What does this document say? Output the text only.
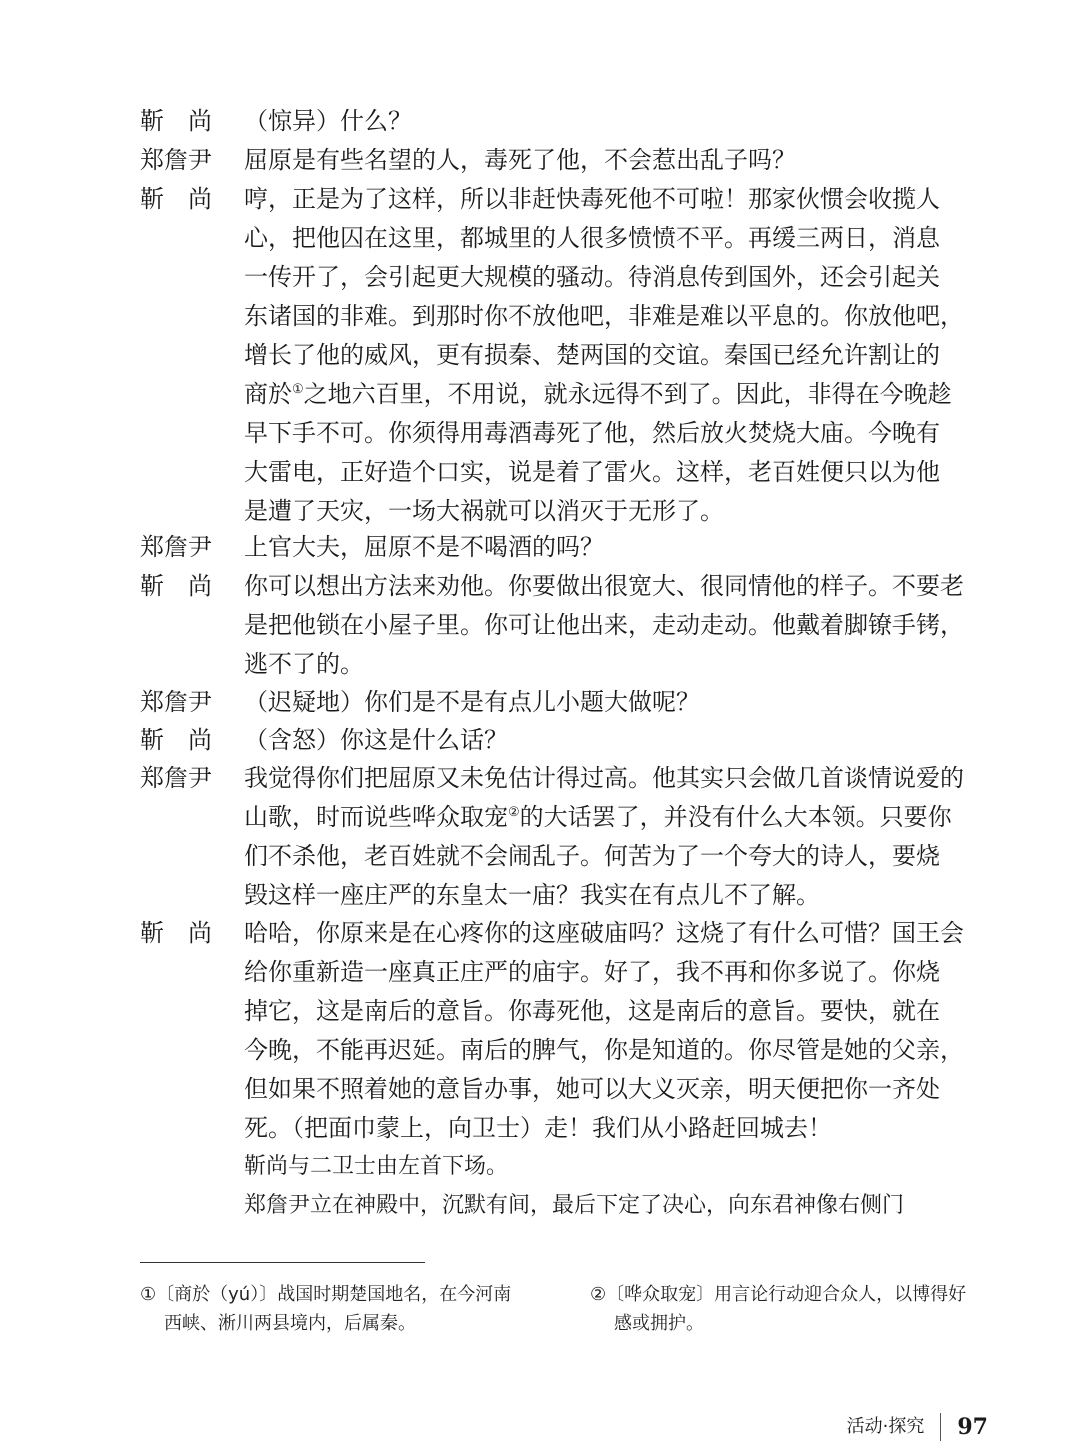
靳　尚	（惊异）什么？
郑詹尹	屈原是有些名望的人，毒死了他，不会惹出乱子吗？
靳　尚	哼，正是为了这样，所以非赶快毒死他不可啦！那家伙惯会收揽人
心，把他囚在这里，都城里的人很多愤愤不平。再缓三两日，消息
一传开了，会引起更大规模的骚动。待消息传到国外，还会引起关
东诸国的非难。到那时你不放他吧，非难是难以平息的。你放他吧，
增长了他的威风，更有损秦、楚两国的交谊。秦国已经允许割让的
商於①之地六百里，不用说，就永远得不到了。因此，非得在今晚趁
早下手不可。你须得用毒酒毒死了他，然后放火焚烧大庙。今晚有
大雷电，正好造个口实，说是着了雷火。这样，老百姓便只以为他
是遭了天灾，一场大祸就可以消灭于无形了。
郑詹尹	上官大夫，屈原不是不喝酒的吗？
靳　尚	你可以想出方法来劝他。你要做出很宽大、很同情他的样子。不要老
是把他锁在小屋子里。你可让他出来，走动走动。他戴着脚镣手铐，
逃不了的。
郑詹尹	（迟疑地）你们是不是有点儿小题大做呢？
靳　尚	（含怒）你这是什么话？
郑詹尹	我觉得你们把屈原又未免估计得过高。他其实只会做几首谈情说爱的
山歌，时而说些哗众取宠②的大话罢了，并没有什么大本领。只要你
们不杀他，老百姓就不会闹乱子。何苦为了一个夸大的诗人，要烧
毁这样一座庄严的东皇太一庙？我实在有点儿不了解。
靳　尚	哈哈，你原来是在心疼你的这座破庙吗？这烧了有什么可惜？国王会
给你重新造一座真正庄严的庙宇。好了，我不再和你多说了。你烧
掉它，这是南后的意旨。你毒死他，这是南后的意旨。要快，就在
今晚，不能再迟延。南后的脾气，你是知道的。你尽管是她的父亲，
但如果不照着她的意旨办事，她可以大义灭亲，明天便把你一齐处
死。（把面巾蒙上，向卫士）走！我们从小路赶回城去！
靳尚与二卫士由左首下场。
郑詹尹立在神殿中，沉默有间，最后下定了决心，向东君神像右侧门
①〔商於（yú）〕战国时期楚国地名，在今河南
西峡、淅川两县境内，后属秦。
②〔哗众取宠〕用言论行动迎合众人，以博得好
感或拥护。
活动·探究 97
